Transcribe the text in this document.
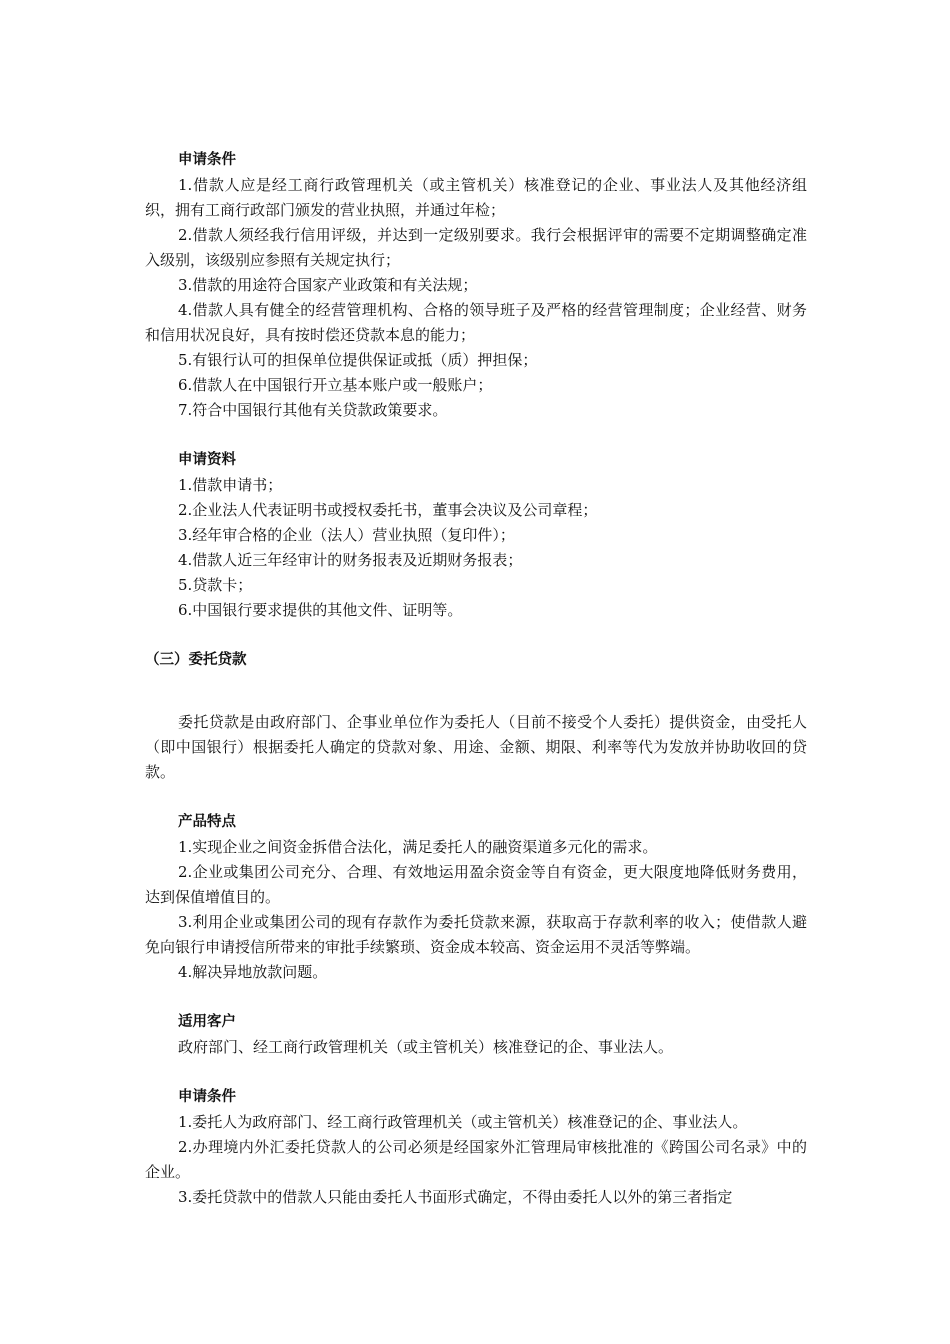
申请条件

1.借款人应是经工商行政管理机关（或主管机关）核准登记的企业、事业法人及其他经济组织，拥有工商行政部门颁发的营业执照，并通过年检；

2.借款人须经我行信用评级，并达到一定级别要求。我行会根据评审的需要不定期调整确定准入级别，该级别应参照有关规定执行；

3.借款的用途符合国家产业政策和有关法规；

4.借款人具有健全的经营管理机构、合格的领导班子及严格的经营管理制度；企业经营、财务和信用状况良好，具有按时偿还贷款本息的能力；

5.有银行认可的担保单位提供保证或抵（质）押担保；

6.借款人在中国银行开立基本账户或一般账户；

7.符合中国银行其他有关贷款政策要求。

申请资料

1.借款申请书；

2.企业法人代表证明书或授权委托书，董事会决议及公司章程；

3.经年审合格的企业（法人）营业执照（复印件）；

4.借款人近三年经审计的财务报表及近期财务报表；

5.贷款卡；

6.中国银行要求提供的其他文件、证明等。

（三）委托贷款

委托贷款是由政府部门、企事业单位作为委托人（目前不接受个人委托）提供资金，由受托人（即中国银行）根据委托人确定的贷款对象、用途、金额、期限、利率等代为发放并协助收回的贷款。

产品特点

1.实现企业之间资金拆借合法化，满足委托人的融资渠道多元化的需求。

2.企业或集团公司充分、合理、有效地运用盈余资金等自有资金，更大限度地降低财务费用，达到保值增值目的。

3.利用企业或集团公司的现有存款作为委托贷款来源，获取高于存款利率的收入；使借款人避免向银行申请授信所带来的审批手续繁琐、资金成本较高、资金运用不灵活等弊端。

4.解决异地放款问题。

适用客户

政府部门、经工商行政管理机关（或主管机关）核准登记的企、事业法人。

申请条件

1.委托人为政府部门、经工商行政管理机关（或主管机关）核准登记的企、事业法人。

2.办理境内外汇委托贷款人的公司必须是经国家外汇管理局审核批准的《跨国公司名录》中的企业。

3.委托贷款中的借款人只能由委托人书面形式确定，不得由委托人以外的第三者指定
